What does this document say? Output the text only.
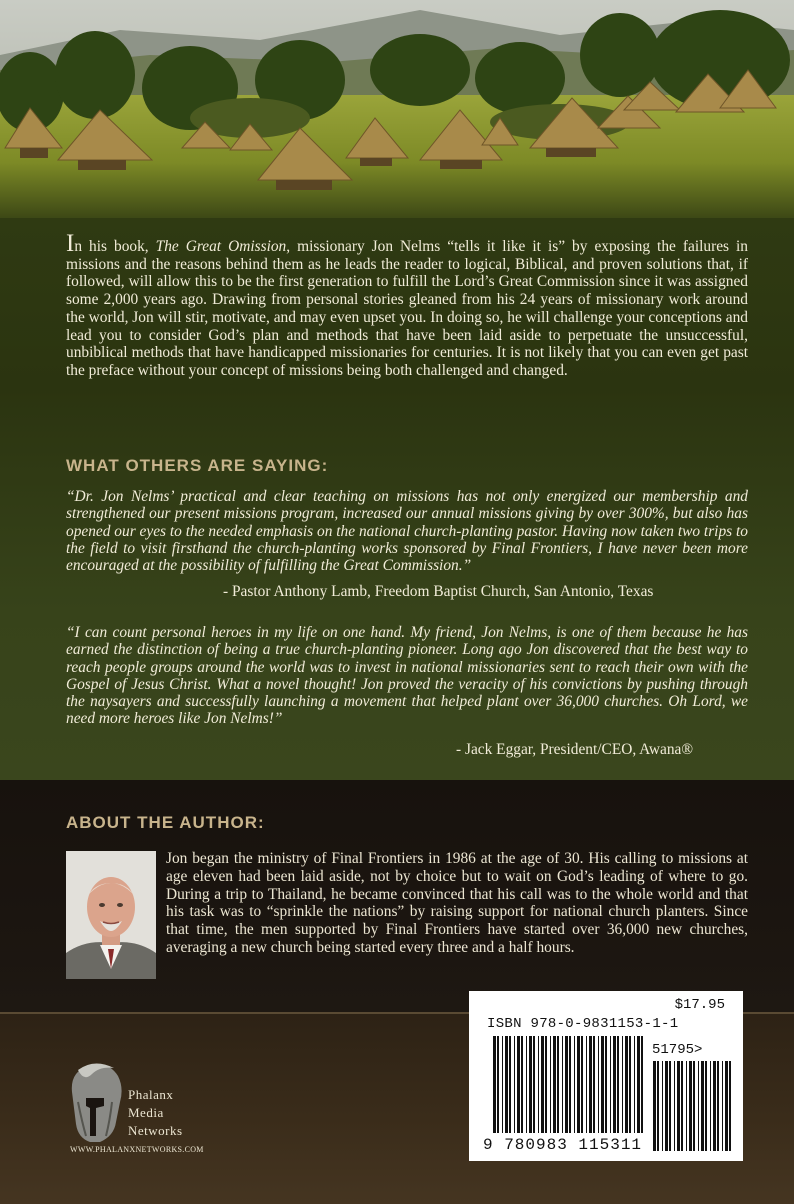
In his book, The Great Omission, missionary Jon Nelms “tells it like it is” by exposing the failures in missions and the reasons behind them as he leads the reader to logical, Biblical, and proven solutions that, if followed, will allow this to be the first generation to fulfill the Lord’s Great Commission since it was assigned some 2,000 years ago. Drawing from personal stories gleaned from his 24 years of missionary work around the world, Jon will stir, motivate, and may even upset you. In doing so, he will challenge your conceptions and lead you to consider God’s plan and methods that have been laid aside to perpetuate the unsuccessful, unbiblical methods that have handicapped missionaries for centuries. It is not likely that you can even get past the preface without your concept of missions being both challenged and changed.

WHAT OTHERS ARE SAYING:

“Dr. Jon Nelms’ practical and clear teaching on missions has not only energized our membership and strengthened our present missions program, increased our annual missions giving by over 300%, but also has opened our eyes to the needed emphasis on the national church-planting pastor. Having now taken two trips to the field to visit firsthand the church-planting works sponsored by Final Frontiers, I have never been more encouraged at the possibility of fulfilling the Great Commission.”

- Pastor Anthony Lamb, Freedom Baptist Church, San Antonio, Texas

“I can count personal heroes in my life on one hand. My friend, Jon Nelms, is one of them because he has earned the distinction of being a true church-planting pioneer. Long ago Jon discovered that the best way to reach people groups around the world was to invest in national missionaries sent to reach their own with the Gospel of Jesus Christ. What a novel thought! Jon proved the veracity of his convictions by pushing through the naysayers and successfully launching a movement that helped plant over 36,000 churches. Oh Lord, we need more heroes like Jon Nelms!”

- Jack Eggar, President/CEO, Awana®

ABOUT THE AUTHOR:

Jon began the ministry of Final Frontiers in 1986 at the age of 30. His calling to missions at age eleven had been laid aside, not by choice but to wait on God’s leading of where to go. During a trip to Thailand, he became convinced that his call was to the whole world and that his task was to “sprinkle the nations” by raising support for national church planters. Since that time, the men supported by Final Frontiers have started over 36,000 new churches, averaging a new church being started every three and a half hours.

Phalanx
Media
Networks
WWW.PHALANXNETWORKS.COM
$17.95
ISBN 978-0-9831153-1-1
51795>
9 780983 115311
